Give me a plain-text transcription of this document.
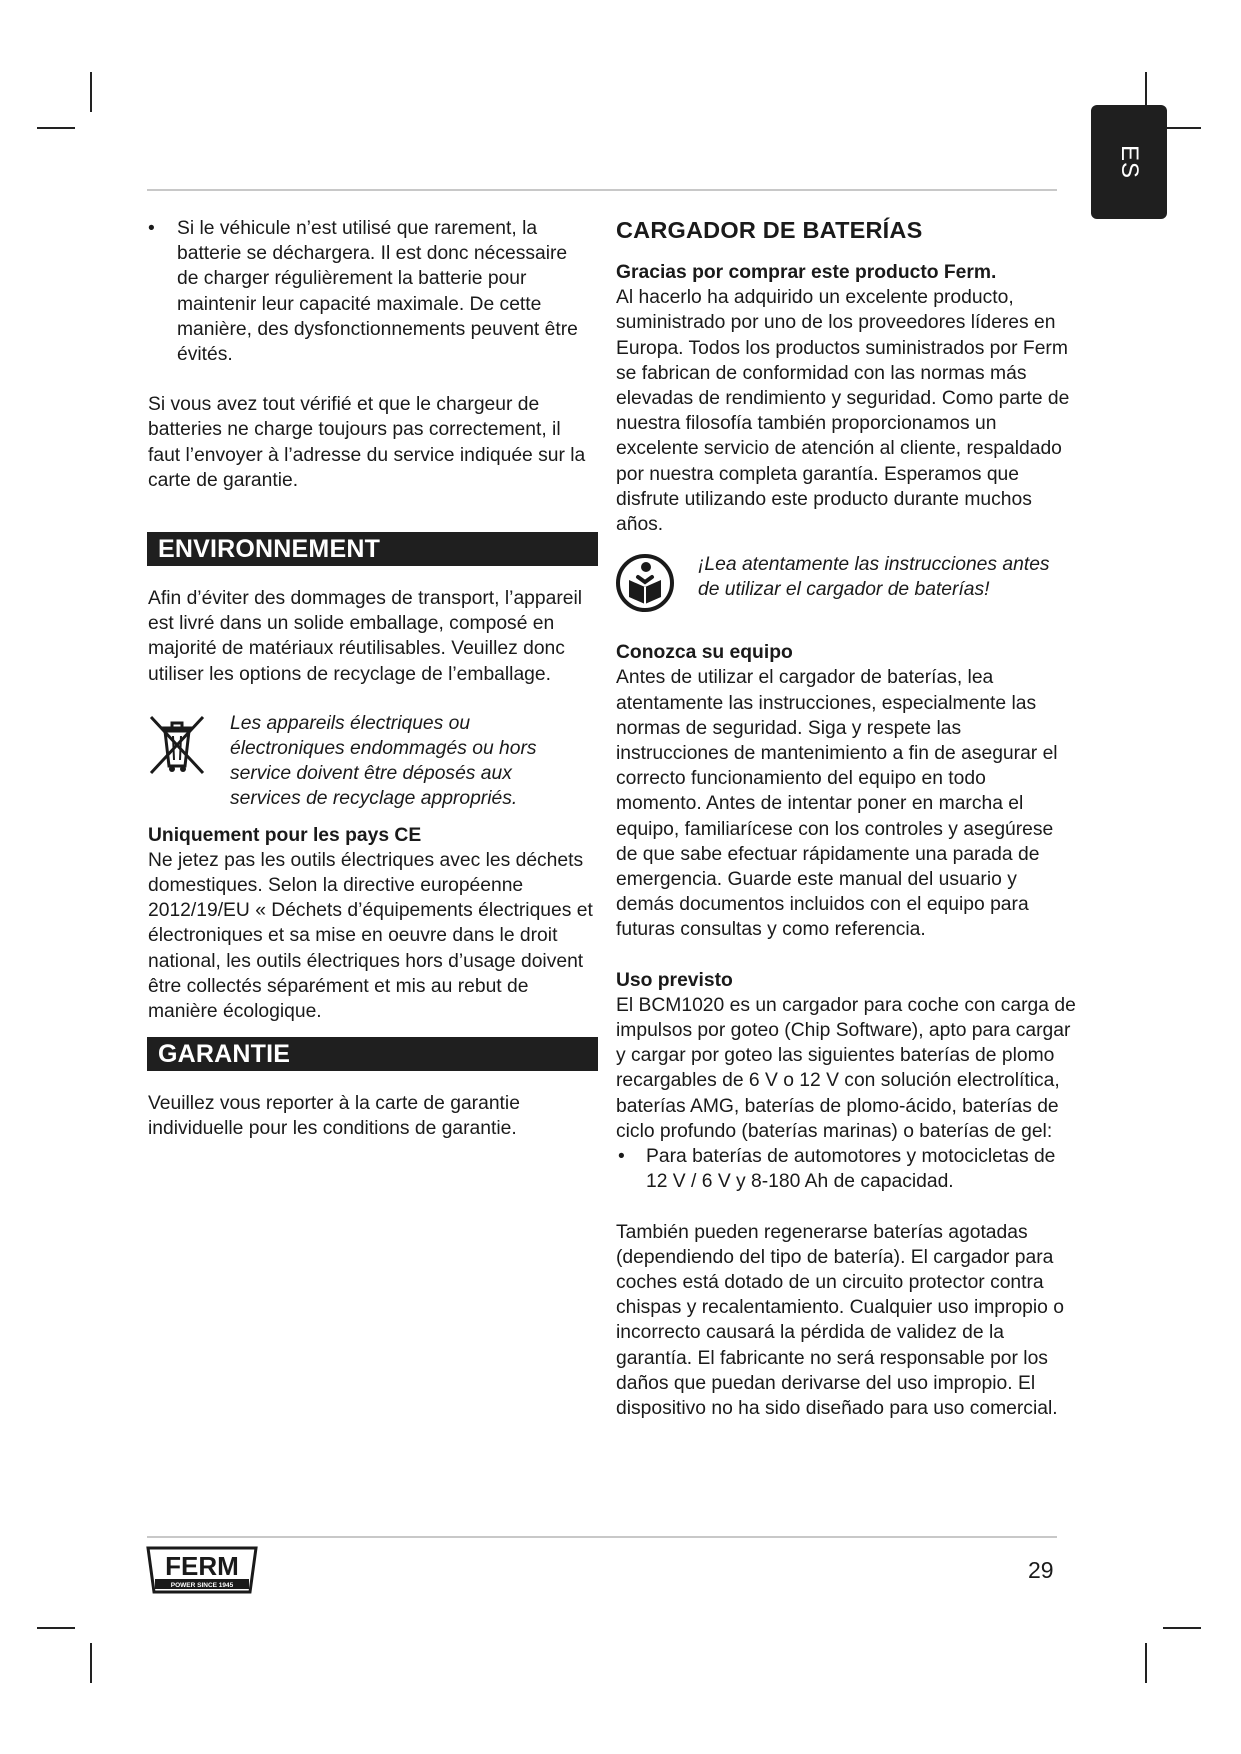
ES
• Si le véhicule n’est utilisé que rarement, la batterie se déchargera. Il est donc nécessaire de charger régulièrement la batterie pour maintenir leur capacité maximale. De cette manière, des dysfonctionnements peuvent être évités.

Si vous avez tout vérifié et que le chargeur de batteries ne charge toujours pas correctement, il faut l’envoyer à l’adresse du service indiquée sur la carte de garantie.

ENVIRONNEMENT

Afin d’éviter des dommages de transport, l’appareil est livré dans un solide emballage, composé en majorité de matériaux réutilisables. Veuillez donc utiliser les options de recyclage de l’emballage.

Les appareils électriques ou électroniques endommagés ou hors service doivent être déposés aux services de recyclage appropriés.

Uniquement pour les pays CE

Ne jetez pas les outils électriques avec les déchets domestiques. Selon la directive européenne 2012/19/EU « Déchets d’équipements électriques et électroniques et sa mise en oeuvre dans le droit national, les outils électriques hors d’usage doivent être collectés séparément et mis au rebut de manière écologique.

GARANTIE

Veuillez vous reporter à la carte de garantie individuelle pour les conditions de garantie.

CARGADOR DE BATERÍAS

Gracias por comprar este producto Ferm.

Al hacerlo ha adquirido un excelente producto, suministrado por uno de los proveedores líderes en Europa. Todos los productos suministrados por Ferm se fabrican de conformidad con las normas más elevadas de rendimiento y seguridad. Como parte de nuestra filosofía también proporcionamos un excelente servicio de atención al cliente, respaldado por nuestra completa garantía. Esperamos que disfrute utilizando este producto durante muchos años.

¡Lea atentamente las instrucciones antes de utilizar el cargador de baterías!

Conozca su equipo

Antes de utilizar el cargador de baterías, lea atentamente las instrucciones, especialmente las normas de seguridad. Siga y respete las instrucciones de mantenimiento a fin de asegurar el correcto funcionamiento del equipo en todo momento. Antes de intentar poner en marcha el equipo, familiarícese con los controles y asegúrese de que sabe efectuar rápidamente una parada de emergencia. Guarde este manual del usuario y demás documentos incluidos con el equipo para futuras consultas y como referencia.

Uso previsto

El BCM1020 es un cargador para coche con carga de impulsos por goteo (Chip Software), apto para cargar y cargar por goteo las siguientes baterías de plomo recargables de 6 V o 12 V con solución electrolítica, baterías AMG, baterías de plomo-ácido, baterías de ciclo profundo (baterías marinas) o baterías de gel:

• Para baterías de automotores y motocicletas de 12 V / 6 V y 8-180 Ah de capacidad.

También pueden regenerarse baterías agotadas (dependiendo del tipo de batería). El cargador para coches está dotado de un circuito protector contra chispas y recalentamiento. Cualquier uso impropio o incorrecto causará la pérdida de validez de la garantía. El fabricante no será responsable por los daños que puedan derivarse del uso impropio. El dispositivo no ha sido diseñado para uso comercial.

FERM
POWER SINCE 1945
29
